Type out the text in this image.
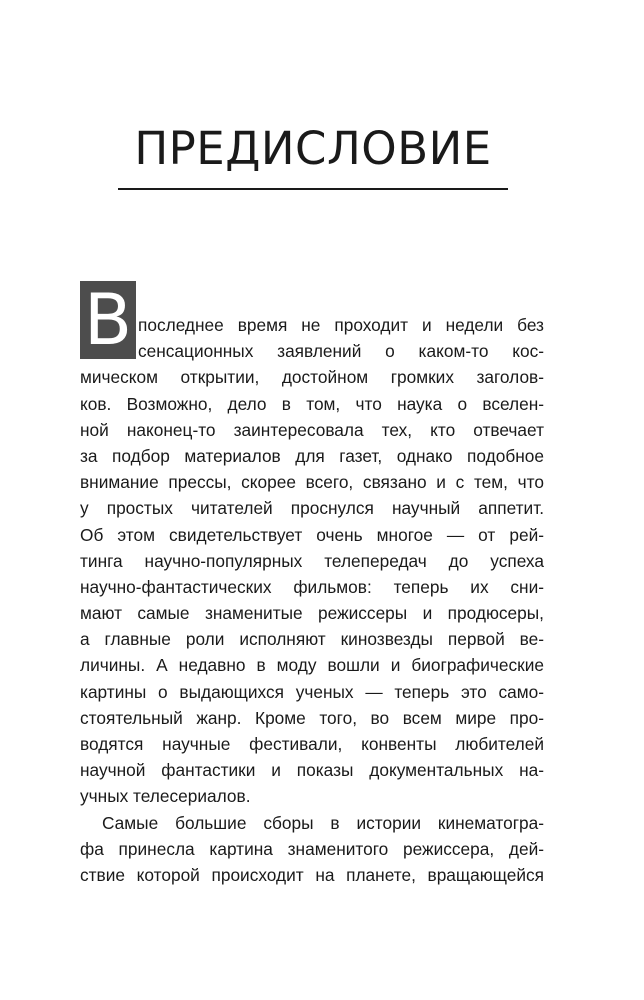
ПРЕДИСЛОВИЕ
В последнее время не проходит и недели без
сенсационных заявлений о каком-то кос-
мическом открытии, достойном громких заголов-
ков. Возможно, дело в том, что наука о вселен-
ной наконец-то заинтересовала тех, кто отвечает
за подбор материалов для газет, однако подобное
внимание прессы, скорее всего, связано и с тем, что
у простых читателей проснулся научный аппетит.
Об этом свидетельствует очень многое — от рей-
тинга научно-популярных телепередач до успеха
научно-фантастических фильмов: теперь их сни-
мают самые знаменитые режиссеры и продюсеры,
а главные роли исполняют кинозвезды первой ве-
личины. А недавно в моду вошли и биографические
картины о выдающихся ученых — теперь это само-
стоятельный жанр. Кроме того, во всем мире про-
водятся научные фестивали, конвенты любителей
научной фантастики и показы документальных на-
учных телесериалов.
Самые большие сборы в истории кинематогра-
фа принесла картина знаменитого режиссера, дей-
ствие которой происходит на планете, вращающейся
